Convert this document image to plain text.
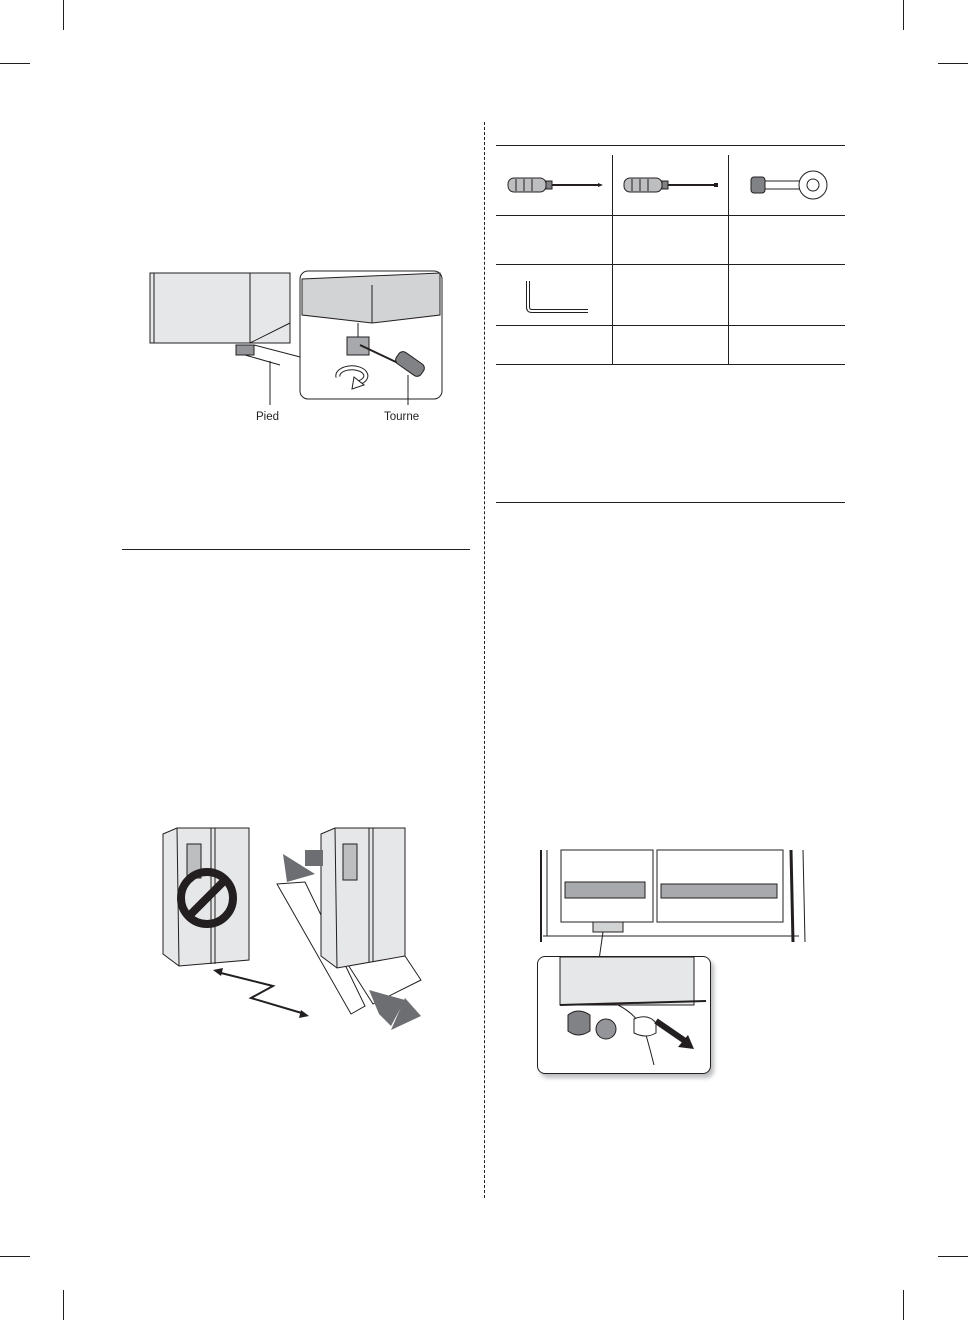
Pied	Tourne
